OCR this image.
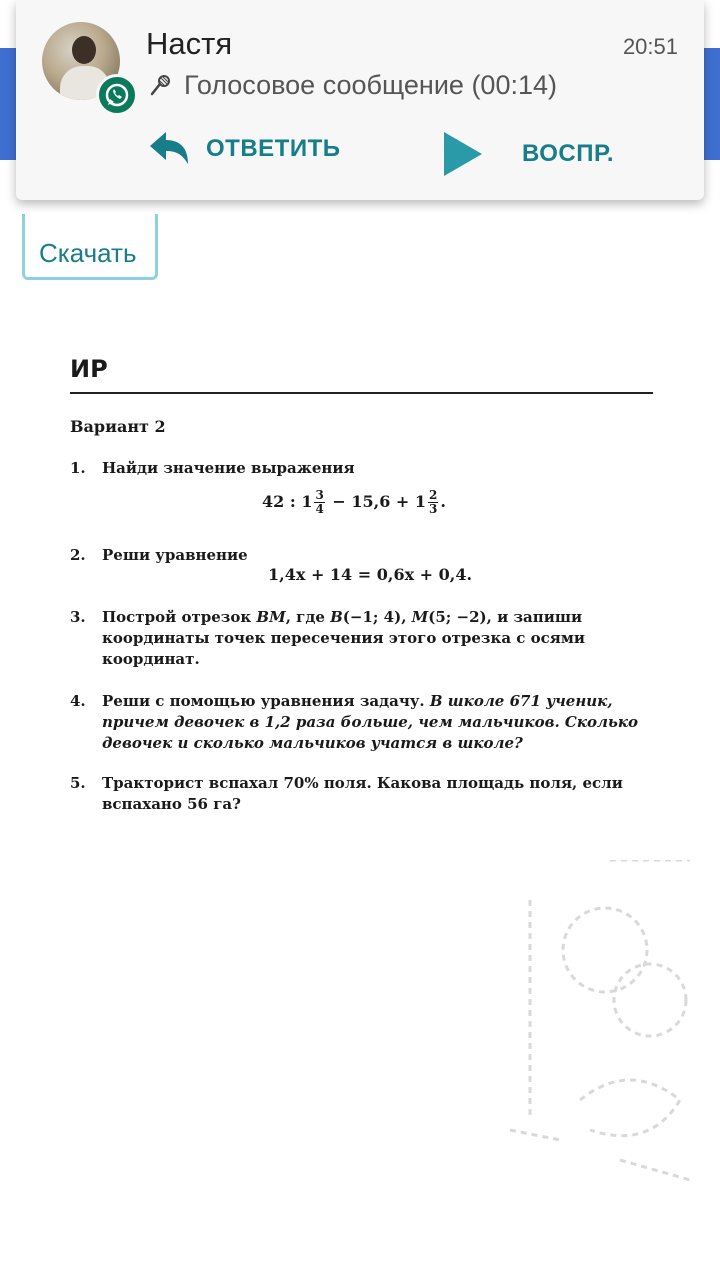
Настя	20:51
Голосовое сообщение (00:14)
ОТВЕТИТЬ	ВОСПР.
Скачать
ИР
Вариант 2
1. Найди значение выражения
42 : $1 \frac{3}{4} - 15,6 + 1 \frac{2}{3}$ .
2. Реши уравнение
1,4x + 14 = 0,6x + 0,4.
3. Построй отрезок BM, где B(−1; 4), M(5; −2), и запиши координаты точек пересечения этого отрезка с осями координат.
4. Реши с помощью уравнения задачу. В школе 671 ученик, причем девочек в 1,2 раза больше, чем мальчиков. Сколько девочек и сколько мальчиков учатся в школе?
5. Тракторист вспахал 70% поля. Какова площадь поля, если вспахано 56 га?
